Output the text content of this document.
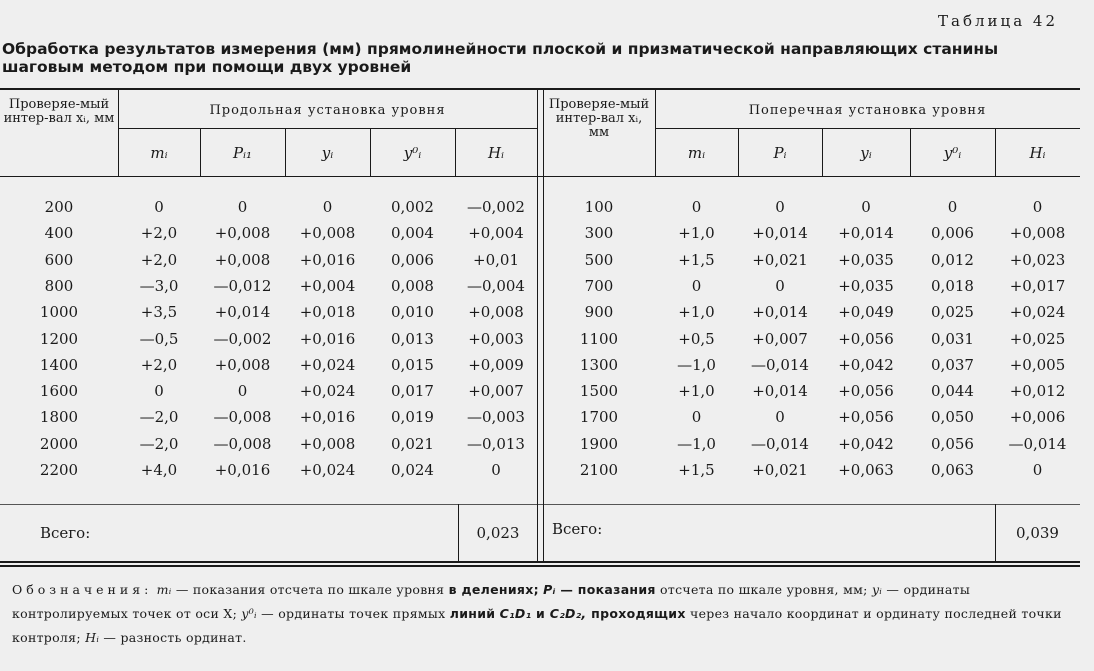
Таблица 42
Обработка результатов измерения (мм) прямолинейности плоской и призматической направляющих станины шаговым методом при помощи двух уровней
Проверяе-мый интер-вал xᵢ, мм
Проверяе-мый интер-вал xᵢ, мм
Продольная установка уровня	Поперечная установка уровня
mᵢ	Pᵢ₁	yᵢ	y⁰ᵢ	Hᵢ	mᵢ	Pᵢ	yᵢ	y⁰ᵢ	Hᵢ
200	0	0	0	0,002	—0,002	100	0	0	0	0	0
400	+2,0	+0,008	+0,008	0,004	+0,004	300	+1,0	+0,014	+0,014	0,006	+0,008
600	+2,0	+0,008	+0,016	0,006	+0,01	500	+1,5	+0,021	+0,035	0,012	+0,023
800	—3,0	—0,012	+0,004	0,008	—0,004	700	0	0	+0,035	0,018	+0,017
1000	+3,5	+0,014	+0,018	0,010	+0,008	900	+1,0	+0,014	+0,049	0,025	+0,024
1200	—0,5	—0,002	+0,016	0,013	+0,003	1100	+0,5	+0,007	+0,056	0,031	+0,025
1400	+2,0	+0,008	+0,024	0,015	+0,009	1300	—1,0	—0,014	+0,042	0,037	+0,005
1600	0	0	+0,024	0,017	+0,007	1500	+1,0	+0,014	+0,056	0,044	+0,012
1800	—2,0	—0,008	+0,016	0,019	—0,003	1700	0	0	+0,056	0,050	+0,006
2000	—2,0	—0,008	+0,008	0,021	—0,013	1900	—1,0	—0,014	+0,042	0,056	—0,014
2200	+4,0	+0,016	+0,024	0,024	0	2100	+1,5	+0,021	+0,063	0,063	0
Всего:	0,023	Всего:	0,039
Обозначения: mᵢ — показания отсчета по шкале уровня в делениях; Pᵢ — показания отсчета по шкале уровня, мм; yᵢ — ординаты контролируемых точек от оси X; y⁰ᵢ — ординаты точек прямых линий C₁D₁ и C₂D₂, проходящих через начало координат и ординату последней точки контроля; Hᵢ — разность ординат.
